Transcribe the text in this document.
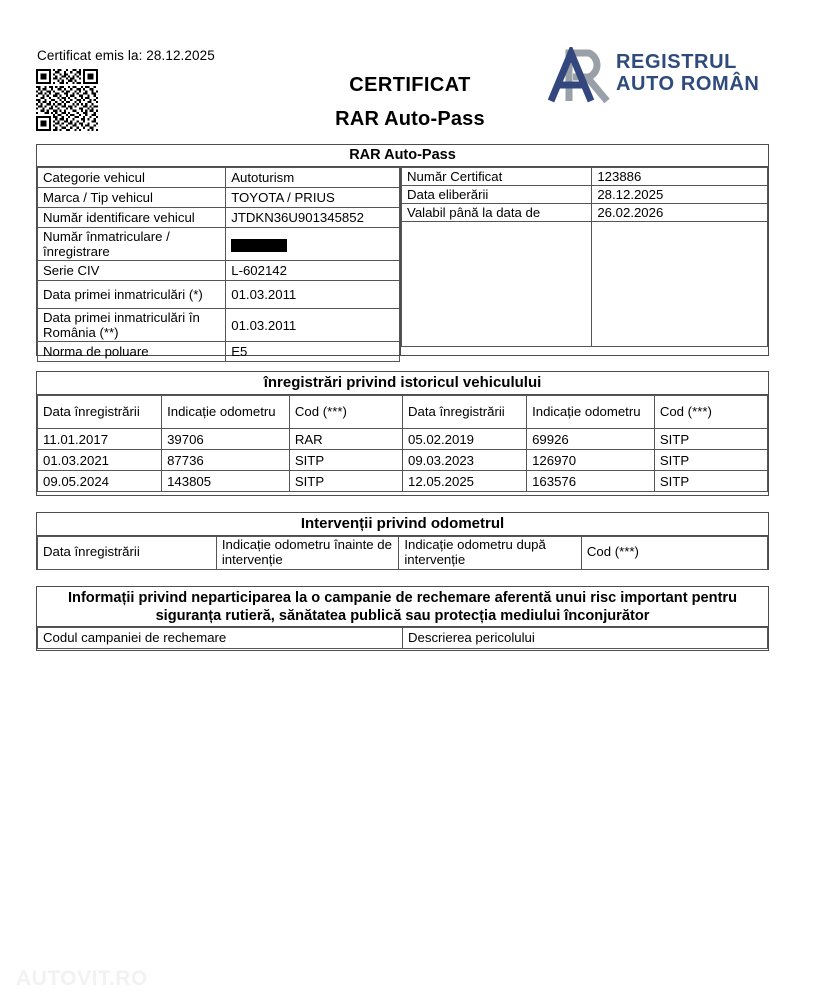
Certificat emis la: 28.12.2025
CERTIFICAT
RAR Auto-Pass
REGISTRUL
AUTO ROMÂN
RAR Auto-Pass
Categorie vehicul	Autoturism
Marca / Tip vehicul	TOYOTA / PRIUS
Număr identificare vehicul	JTDKN36U901345852
Număr înmatriculare / înregistrare	
Serie CIV	L-602142
Data primei inmatriculări (*)	01.03.2011
Data primei inmatriculări în România (**)	01.03.2011
Norma de poluare	E5
Număr Certificat	123886
Data eliberării	28.12.2025
Valabil până la data de	26.02.2026

înregistrări privind istoricul vehiculului
Data înregistrării	Indicație odometru	Cod (***)	Data înregistrării	Indicație odometru	Cod (***)
11.01.2017	39706	RAR	05.02.2019	69926	SITP
01.03.2021	87736	SITP	09.03.2023	126970	SITP
09.05.2024	143805	SITP	12.05.2025	163576	SITP
Intervenții privind odometrul
Data înregistrării	Indicație odometru înainte de intervenție	Indicație odometru după intervenție	Cod (***)
Informații privind neparticiparea la o campanie de rechemare aferentă unui risc important pentru siguranța rutieră, sănătatea publică sau protecția mediului înconjurător
Codul campaniei de rechemare	Descrierea pericolului
AUTOVIT.RO
